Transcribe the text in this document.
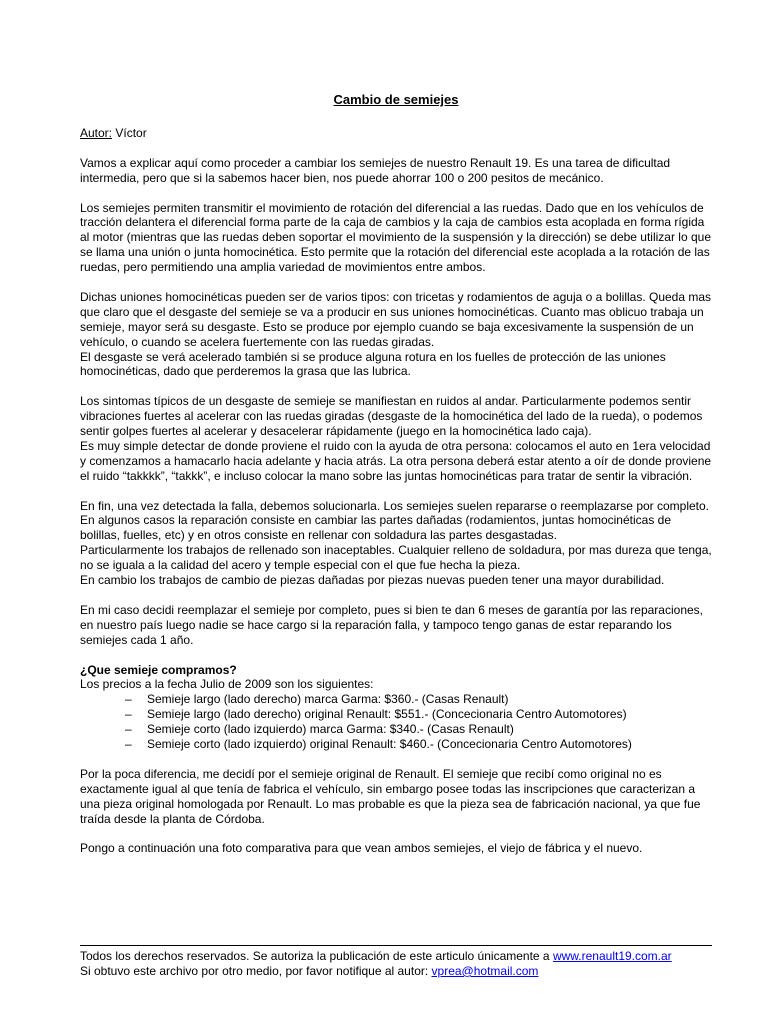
Cambio de semiejes

Autor: Víctor

Vamos a explicar aquí como proceder a cambiar los semiejes de nuestro Renault 19. Es una tarea de dificultad intermedia, pero que si la sabemos hacer bien, nos puede ahorrar 100 o 200 pesitos de mecánico.

Los semiejes permiten transmitir el movimiento de rotación del diferencial a las ruedas. Dado que en los vehículos de tracción delantera el diferencial forma parte de la caja de cambios y la caja de cambios esta acoplada en forma rígida al motor (mientras que las ruedas deben soportar el movimiento de la suspensión y la dirección) se debe utilizar lo que se llama una unión o junta homocinética. Esto permite que la rotación del diferencial este acoplada a la rotación de las ruedas, pero permitiendo una amplia variedad de movimientos entre ambos.

Dichas uniones homocinéticas pueden ser de varios tipos: con tricetas y rodamientos de aguja o a bolillas. Queda mas que claro que el desgaste del semieje se va a producir en sus uniones homocinéticas. Cuanto mas oblicuo trabaja un semieje, mayor será su desgaste. Esto se produce por ejemplo cuando se baja excesivamente la suspensión de un vehículo, o cuando se acelera fuertemente con las ruedas giradas.
El desgaste se verá acelerado también si se produce alguna rotura en los fuelles de protección de las uniones homocinéticas, dado que perderemos la grasa que las lubrica.

Los sintomas típicos de un desgaste de semieje se manifiestan en ruidos al andar. Particularmente podemos sentir vibraciones fuertes al acelerar con las ruedas giradas (desgaste de la homocinética del lado de la rueda), o podemos sentir golpes fuertes al acelerar y desacelerar rápidamente (juego en la homocinética lado caja).
Es muy simple detectar de donde proviene el ruido con la ayuda de otra persona: colocamos el auto en 1era velocidad y comenzamos a hamacarlo hacia adelante y hacia atrás. La otra persona deberá estar atento a oír de donde proviene el ruido “takkkk”, “takkk”, e incluso colocar la mano sobre las juntas homocinéticas para tratar de sentir la vibración.

En fin, una vez detectada la falla, debemos solucionarla. Los semiejes suelen repararse o reemplazarse por completo. En algunos casos la reparación consiste en cambiar las partes dañadas (rodamientos, juntas homocinéticas de bolillas, fuelles, etc) y en otros consiste en rellenar con soldadura las partes desgastadas.
Particularmente los trabajos de rellenado son inaceptables. Cualquier relleno de soldadura, por mas dureza que tenga, no se iguala a la calidad del acero y temple especial con el que fue hecha la pieza.
En cambio los trabajos de cambio de piezas dañadas por piezas nuevas pueden tener una mayor durabilidad.

En mi caso decidi reemplazar el semieje por completo, pues si bien te dan 6 meses de garantía por las reparaciones, en nuestro país luego nadie se hace cargo si la reparación falla, y tampoco tengo ganas de estar reparando los semiejes cada 1 año.

¿Que semieje compramos?
Los precios a la fecha Julio de 2009 son los siguientes:
– Semieje largo (lado derecho) marca Garma: $360.- (Casas Renault)
– Semieje largo (lado derecho) original Renault: $551.- (Concecionaria Centro Automotores)
– Semieje corto (lado izquierdo) marca Garma: $340.- (Casas Renault)
– Semieje corto (lado izquierdo) original Renault: $460.- (Concecionaria Centro Automotores)

Por la poca diferencia, me decidí por el semieje original de Renault. El semieje que recibí como original no es exactamente igual al que tenía de fabrica el vehículo, sin embargo posee todas las inscripciones que caracterizan a una pieza original homologada por Renault. Lo mas probable es que la pieza sea de fabricación nacional, ya que fue traída desde la planta de Córdoba.

Pongo a continuación una foto comparativa para que vean ambos semiejes, el viejo de fábrica y el nuevo.

Todos los derechos reservados. Se autoriza la publicación de este articulo únicamente a www.renault19.com.ar
Si obtuvo este archivo por otro medio, por favor notifique al autor: vprea@hotmail.com
